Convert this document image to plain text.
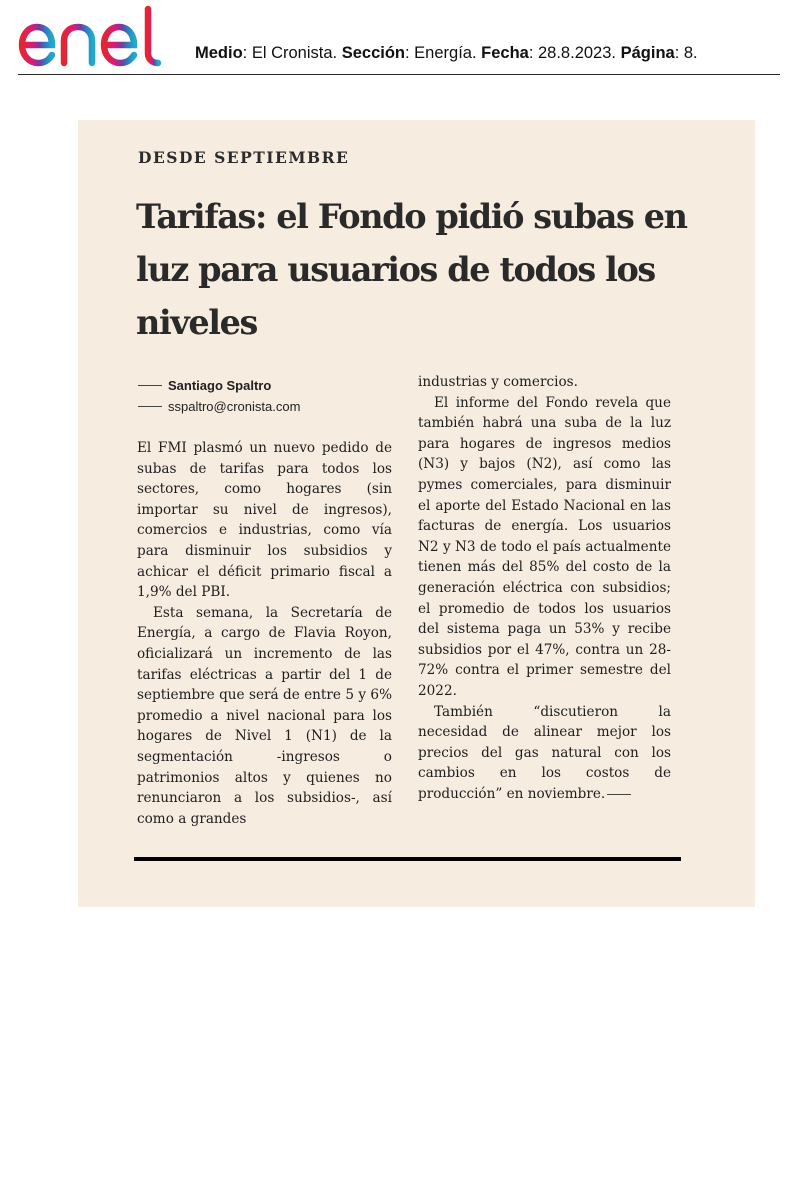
Medio: El Cronista. Sección: Energía. Fecha: 28.8.2023. Página: 8.
DESDE SEPTIEMBRE
Tarifas: el Fondo pidió subas en luz para usuarios de todos los niveles
Santiago Spaltro
sspaltro@cronista.com

El FMI plasmó un nuevo pedido de subas de tarifas para todos los sectores, como hogares (sin importar su nivel de ingresos), comercios e industrias, como vía para disminuir los subsidios y achicar el déficit primario fiscal a 1,9% del PBI.

Esta semana, la Secretaría de Energía, a cargo de Flavia Royon, oficializará un incremento de las tarifas eléctricas a partir del 1 de septiembre que será de entre 5 y 6% promedio a nivel nacional para los hogares de Nivel 1 (N1) de la segmentación -ingresos o patrimonios altos y quienes no renunciaron a los subsidios-, así como a grandes

industrias y comercios.

El informe del Fondo revela que también habrá una suba de la luz para hogares de ingresos medios (N3) y bajos (N2), así como las pymes comerciales, para disminuir el aporte del Estado Nacional en las facturas de energía. Los usuarios N2 y N3 de todo el país actualmente tienen más del 85% del costo de la generación eléctrica con subsidios; el promedio de todos los usuarios del sistema paga un 53% y recibe subsidios por el 47%, contra un 28-72% contra el primer semestre del 2022.

También “discutieron la necesidad de alinear mejor los precios del gas natural con los cambios en los costos de producción” en noviembre.
